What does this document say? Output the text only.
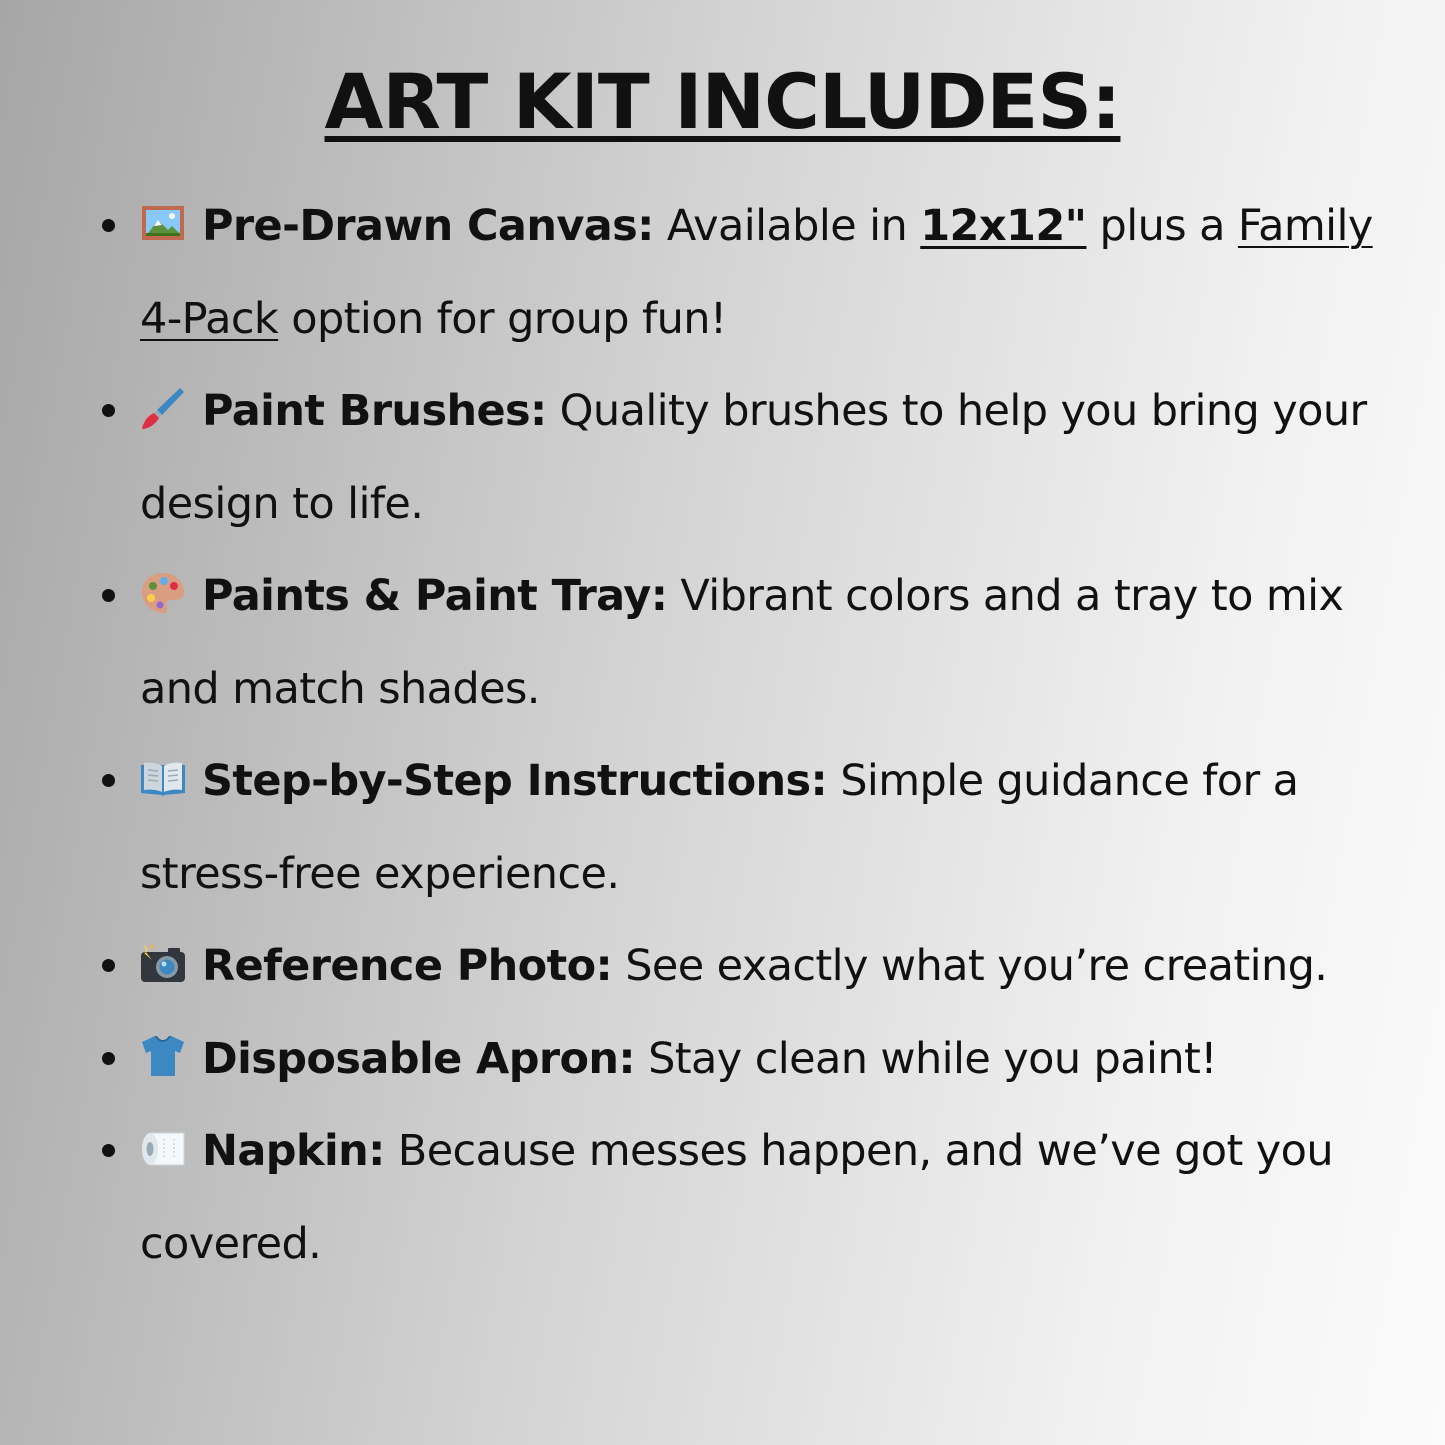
ART KIT INCLUDES:
Pre-Drawn Canvas: Available in 12x12" plus a Family 4-Pack option for group fun!
Paint Brushes: Quality brushes to help you bring your design to life.
Paints & Paint Tray: Vibrant colors and a tray to mix and match shades.
Step-by-Step Instructions: Simple guidance for a stress-free experience.
Reference Photo: See exactly what you’re creating.
Disposable Apron: Stay clean while you paint!
Napkin: Because messes happen, and we’ve got you covered.
